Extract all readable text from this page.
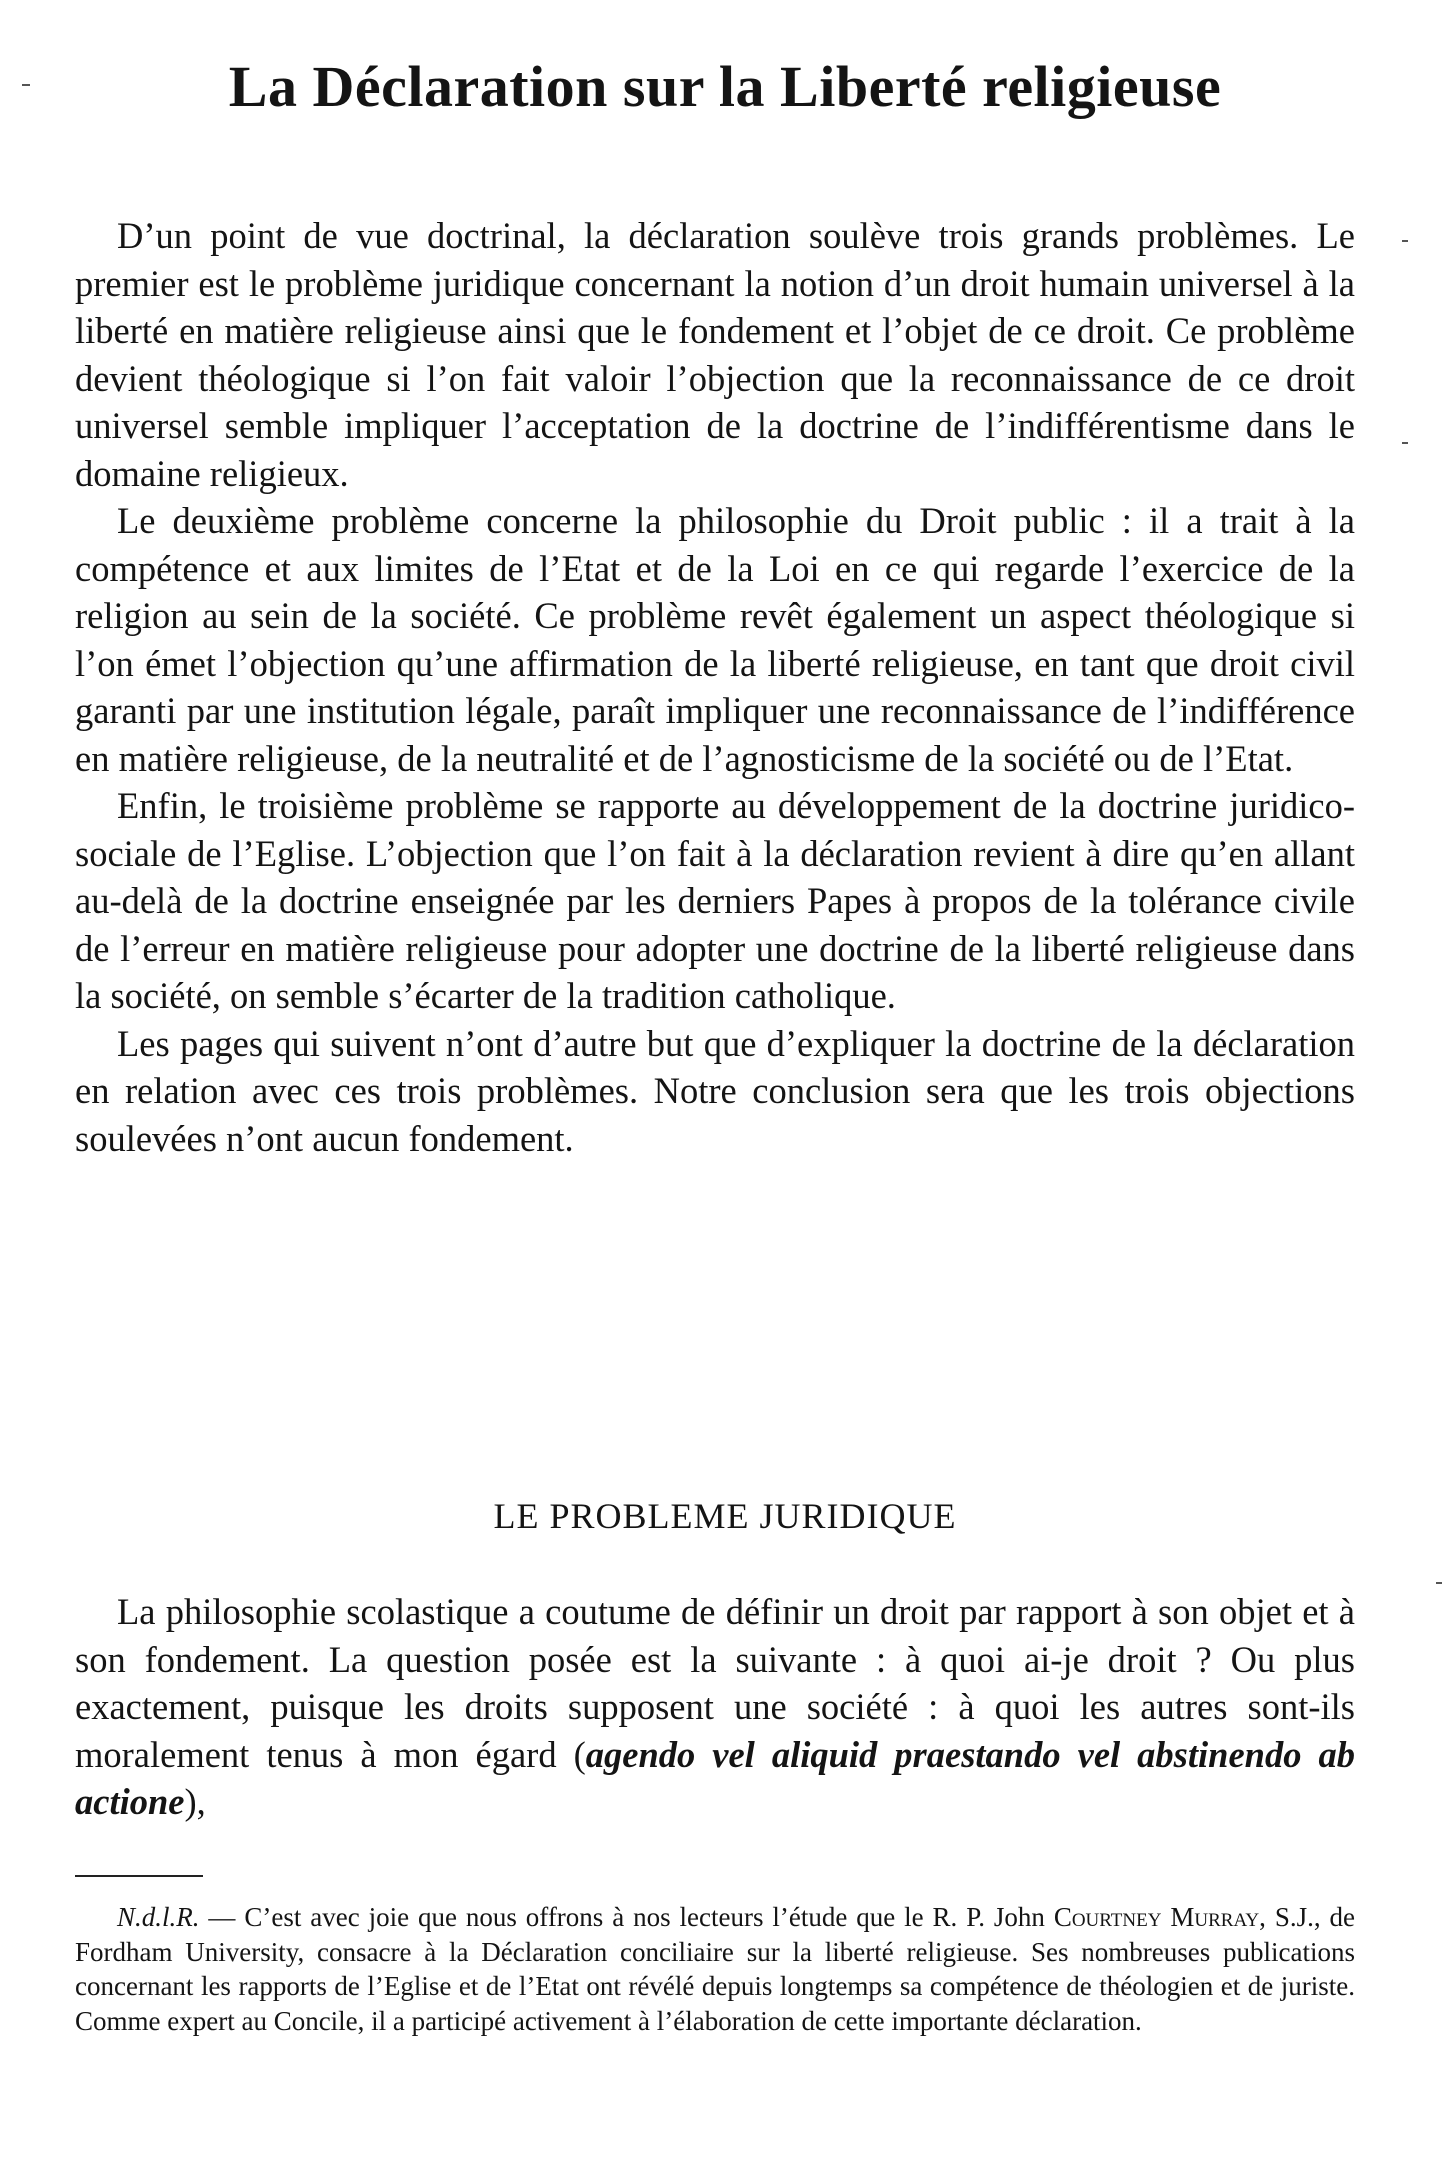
La Déclaration sur la Liberté religieuse

D’un point de vue doctrinal, la déclaration soulève trois grands problèmes. Le premier est le problème juridique concernant la notion d’un droit humain universel à la liberté en matière religieuse ainsi que le fondement et l’objet de ce droit. Ce problème devient théologique si l’on fait valoir l’objection que la reconnaissance de ce droit universel semble impliquer l’acceptation de la doctrine de l’indifférentisme dans le domaine religieux.

Le deuxième problème concerne la philosophie du Droit public : il a trait à la compétence et aux limites de l’Etat et de la Loi en ce qui regarde l’exercice de la religion au sein de la société. Ce problème revêt également un aspect théologique si l’on émet l’objection qu’une affirmation de la liberté religieuse, en tant que droit civil garanti par une institution légale, paraît impliquer une reconnaissance de l’indifférence en matière religieuse, de la neutralité et de l’agnosticisme de la société ou de l’Etat.

Enfin, le troisième problème se rapporte au développement de la doctrine juridico-sociale de l’Eglise. L’objection que l’on fait à la déclaration revient à dire qu’en allant au-delà de la doctrine enseignée par les derniers Papes à propos de la tolérance civile de l’erreur en matière religieuse pour adopter une doctrine de la liberté religieuse dans la société, on semble s’écarter de la tradition catholique.

Les pages qui suivent n’ont d’autre but que d’expliquer la doctrine de la déclaration en relation avec ces trois problèmes. Notre conclusion sera que les trois objections soulevées n’ont aucun fondement.

LE PROBLEME JURIDIQUE

La philosophie scolastique a coutume de définir un droit par rapport à son objet et à son fondement. La question posée est la suivante : à quoi ai-je droit ? Ou plus exactement, puisque les droits supposent une société : à quoi les autres sont-ils moralement tenus à mon égard (agendo vel aliquid praestando vel abstinendo ab actione),

N.d.l.R. — C’est avec joie que nous offrons à nos lecteurs l’étude que le R. P. John Courtney Murray, S.J., de Fordham University, consacre à la Déclaration conciliaire sur la liberté religieuse. Ses nombreuses publications concernant les rapports de l’Eglise et de l’Etat ont révélé depuis longtemps sa compétence de théologien et de juriste. Comme expert au Concile, il a participé activement à l’élaboration de cette importante déclaration.
